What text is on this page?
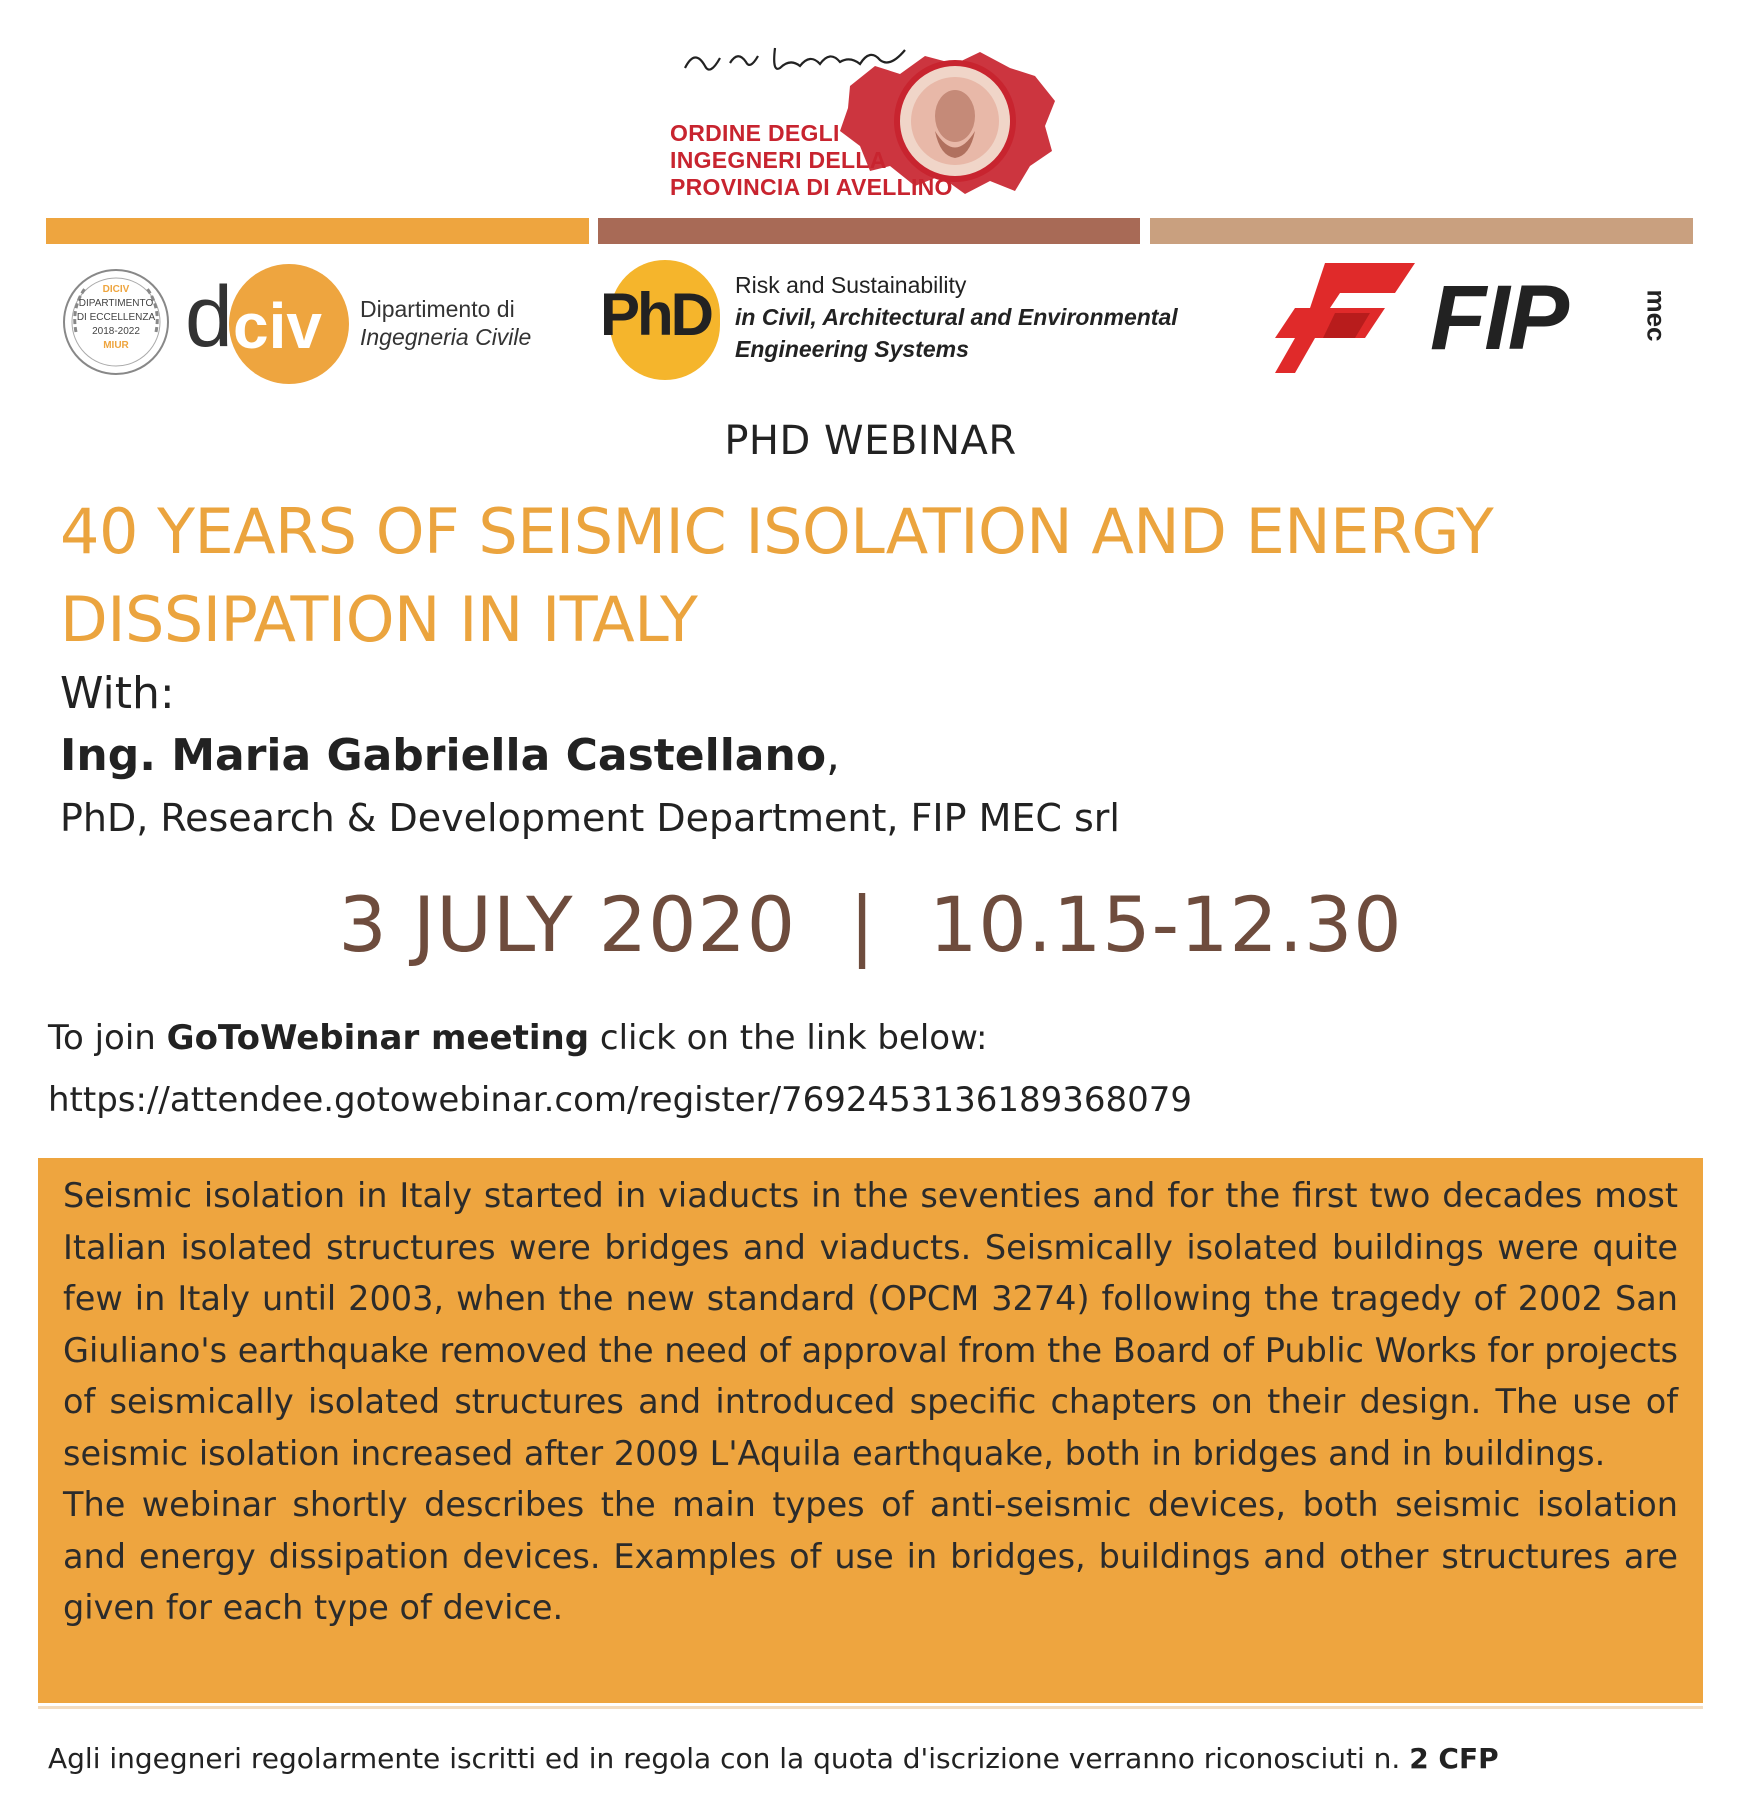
ORDINE DEGLI
INGEGNERI DELLA
PROVINCIA DI AVELLINO
DICIV
DIPARTIMENTO
DI ECCELLENZA
2018-2022
MIUR d civ Dipartimento di
Ingegneria Civile PhD Risk and Sustainability
in Civil, Architectural and Environmental
Engineering Systems	FIP	mec
PHD WEBINAR
40 YEARS OF SEISMIC ISOLATION AND ENERGY
DISSIPATION IN ITALY
With:
Ing. Maria Gabriella Castellano,
PhD, Research & Development Department, FIP MEC srl
3 JULY 2020 | 10.15-12.30
To join GoToWebinar meeting click on the link below:
https://attendee.gotowebinar.com/register/7692453136189368079

Seismic isolation in Italy started in viaducts in the seventies and for the first two decades most Italian isolated structures were bridges and viaducts. Seismically isolated buildings were quite few in Italy until 2003, when the new standard (OPCM 3274) following the tragedy of 2002 San Giuliano's earthquake removed the need of approval from the Board of Public Works for projects of seismically isolated structures and introduced specific chapters on their design. The use of seismic isolation increased after 2009 L'Aquila earthquake, both in bridges and in buildings.

The webinar shortly describes the main types of anti-seismic devices, both seismic isolation and energy dissipation devices. Examples of use in bridges, buildings and other structures are given for each type of device.

Agli ingegneri regolarmente iscritti ed in regola con la quota d'iscrizione verranno riconosciuti n. 2 CFP
